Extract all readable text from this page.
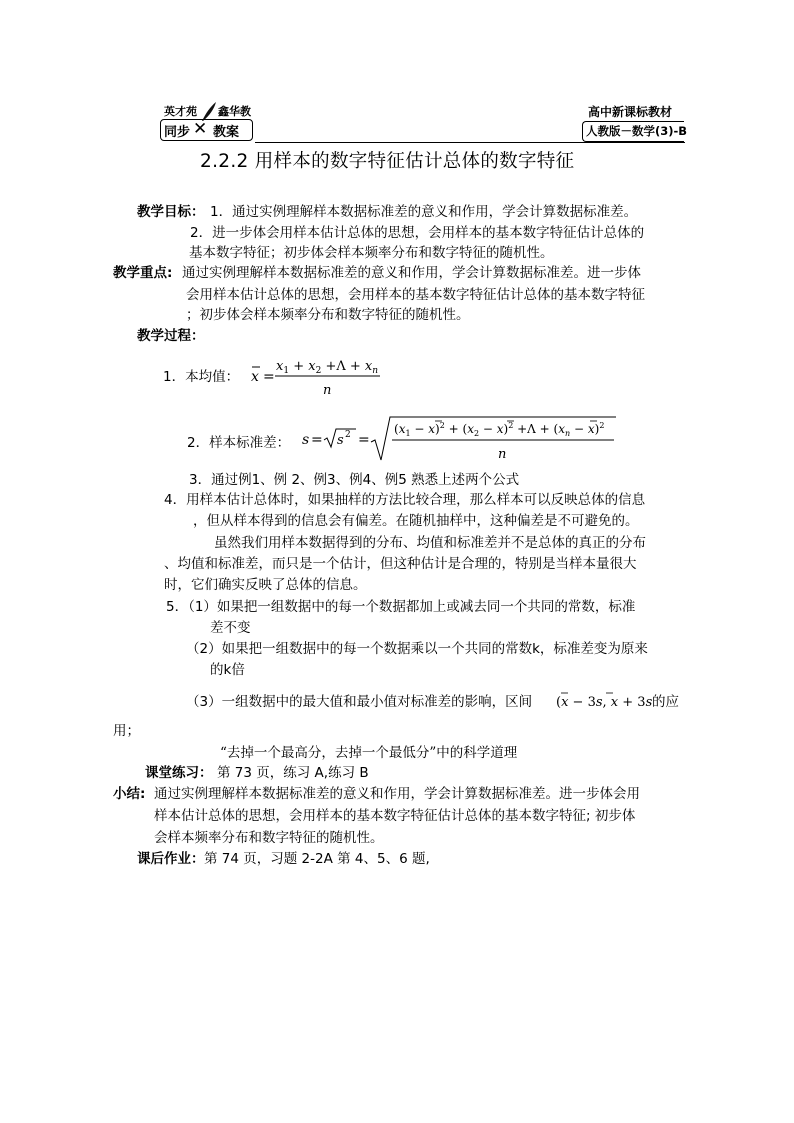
英才苑 鑫华教
同步 ✕ 教案
高中新课标教材
人教版－数学(3)-B
2.2.2 用样本的数字特征估计总体的数字特征
教学目标： 1．通过实例理解样本数据标准差的意义和作用，学会计算数据标准差。
2．进一步体会用样本估计总体的思想，会用样本的基本数字特征估计总体的
基本数字特征；初步体会样本频率分布和数字特征的随机性。
教学重点: 通过实例理解样本数据标准差的意义和作用，学会计算数据标准差。进一步体
会用样本估计总体的思想，会用样本的基本数字特征估计总体的基本数字特征
；初步体会样本频率分布和数字特征的随机性。
教学过程：
1．本均值： x =
$x_1 + x_2 +\Lambda + x_n$
n
2．样本标准差： s = s 2 =
$(x_1 - x)^2 + (x_2 - x)^2 +\Lambda + (x_n - x)^2$
n
3．通过例1、例 2、例3、例4、例5 熟悉上述两个公式
4．用样本估计总体时，如果抽样的方法比较合理，那么样本可以反映总体的信息
，但从样本得到的信息会有偏差。在随机抽样中，这种偏差是不可避免的。
虽然我们用样本数据得到的分布、均值和标准差并不是总体的真正的分布
、均值和标准差，而只是一个估计，但这种估计是合理的，特别是当样本量很大
时，它们确实反映了总体的信息。
5．（1）如果把一组数据中的每一个数据都加上或减去同一个共同的常数，标准
差不变
（2）如果把一组数据中的每一个数据乘以一个共同的常数k，标准差变为原来
的k倍
（3）一组数据中的最大值和最小值对标准差的影响，区间 (x − 3s, x + 3s 的应
用；
“去掉一个最高分，去掉一个最低分”中的科学道理
课堂练习： 第 73 页，练习 A,练习 B
小结: 通过实例理解样本数据标准差的意义和作用，学会计算数据标准差。进一步体会用
样本估计总体的思想，会用样本的基本数字特征估计总体的基本数字特征; 初步体
会样本频率分布和数字特征的随机性。
课后作业： 第 74 页，习题 2-2A 第 4、5、6 题,
